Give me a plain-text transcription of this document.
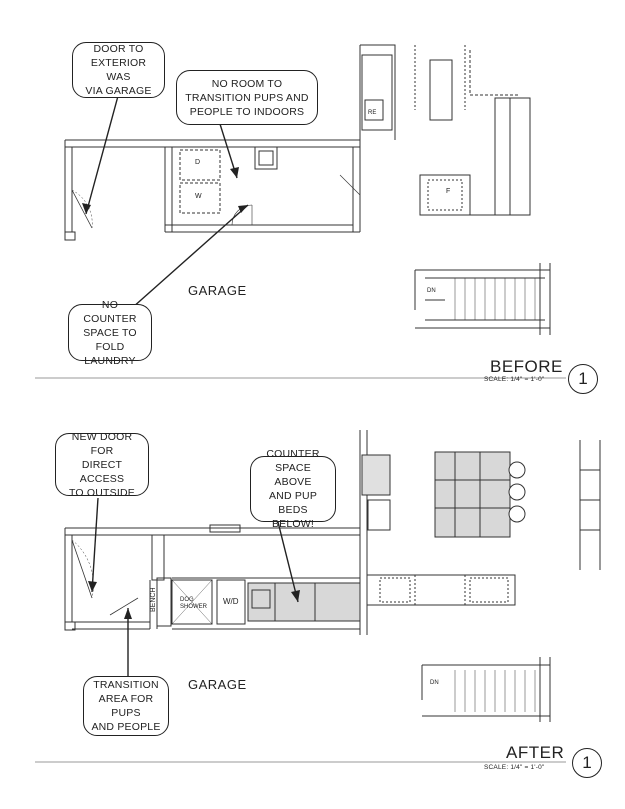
DOOR TO
EXTERIOR WAS
VIA GARAGE
NO ROOM TO
TRANSITION PUPS AND
PEOPLE TO INDOORS
NO COUNTER
SPACE TO FOLD
LAUNDRY
GARAGE
D
W
F
DN
RE
BEFORE
SCALE: 1/4" = 1'-0"	1
NEW DOOR FOR
DIRECT ACCESS
TO OUTSIDE
COUNTER
SPACE ABOVE
AND PUP BEDS
BELOW!
TRANSITION
AREA FOR PUPS
AND PEOPLE
GARAGE
BENCH	DOG
SHOWER
W/D
DN
AFTER
SCALE: 1/4" = 1'-0"	1
